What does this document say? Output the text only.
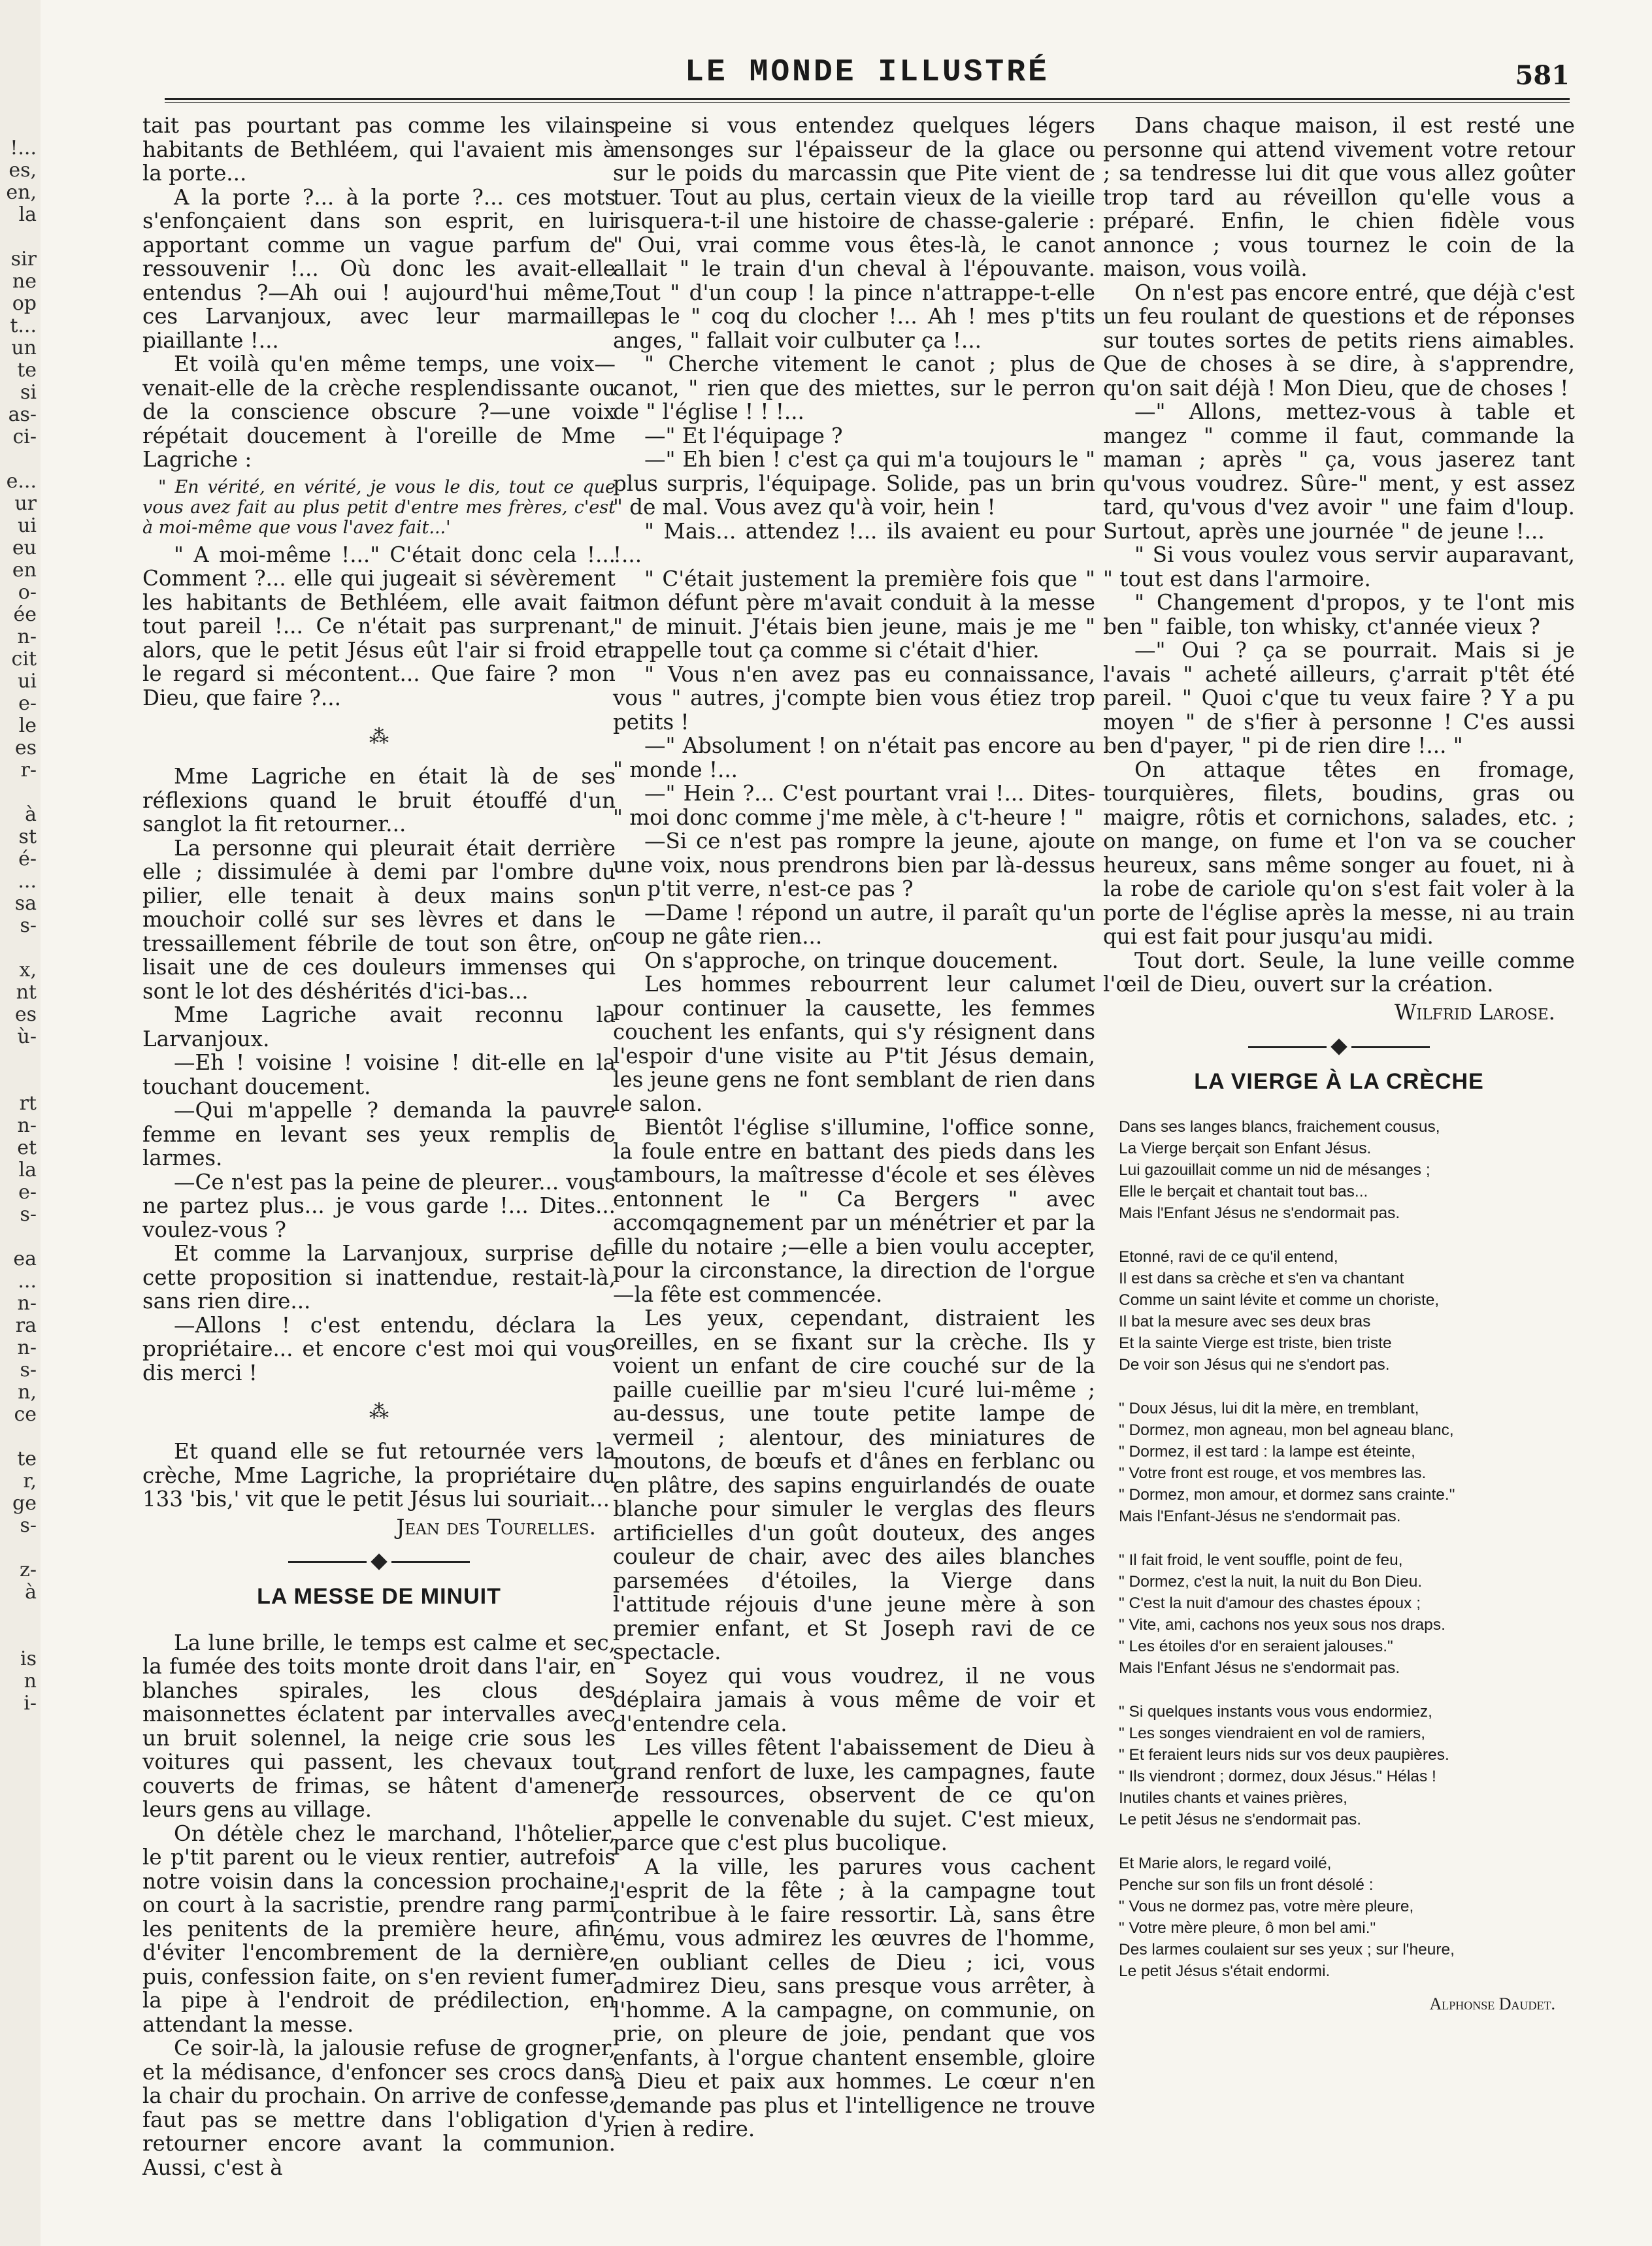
!...
es,
en,
la

sir
ne
op
t...
un
te
si
as-
ci-

e...
ur
ui
eu
en
o-
ée
n-
cit
ui
e-
le
es
r-

à
st
é-
...
sa
s-

x,
nt
es
ù-

rt
n-
et
la
e-
s-

ea
...
n-
ra
n-
s-
n,
ce

te
r,
ge
s-

z-
à

is
n
i-
LE MONDE ILLUSTRÉ	581

tait pas pourtant pas comme les vilains habitants de Bethléem, qui l'avaient mis à la porte...

A la porte ?... à la porte ?... ces mots s'enfonçaient dans son esprit, en lui apportant comme un vague parfum de ressouvenir !... Où donc les avait-elle entendus ?—Ah oui ! aujourd'hui même, ces Larvanjoux, avec leur marmaille piaillante !...

Et voilà qu'en même temps, une voix—venait-elle de la crèche resplendissante ou de la conscience obscure ?—une voix répétait doucement à l'oreille de Mme Lagriche :

" En vérité, en vérité, je vous le dis, tout ce que vous avez fait au plus petit d'entre mes frères, c'est à moi-même que vous l'avez fait...'

" A moi-même !..." C'était donc cela !... Comment ?... elle qui jugeait si sévèrement les habitants de Bethléem, elle avait fait tout pareil !... Ce n'était pas surprenant, alors, que le petit Jésus eût l'air si froid et le regard si mécontent... Que faire ? mon Dieu, que faire ?...

⁂

Mme Lagriche en était là de ses réflexions quand le bruit étouffé d'un sanglot la fit retourner...

La personne qui pleurait était derrière elle ; dissimulée à demi par l'ombre du pilier, elle tenait à deux mains son mouchoir collé sur ses lèvres et dans le tressaillement fébrile de tout son être, on lisait une de ces douleurs immenses qui sont le lot des déshérités d'ici-bas...

Mme Lagriche avait reconnu la Larvanjoux.

—Eh ! voisine ! voisine ! dit-elle en la touchant doucement.

—Qui m'appelle ? demanda la pauvre femme en levant ses yeux remplis de larmes.

—Ce n'est pas la peine de pleurer... vous ne partez plus... je vous garde !... Dites... voulez-vous ?

Et comme la Larvanjoux, surprise de cette proposition si inattendue, restait-là, sans rien dire...

—Allons ! c'est entendu, déclara la propriétaire... et encore c'est moi qui vous dis merci !

⁂

Et quand elle se fut retournée vers la crèche, Mme Lagriche, la propriétaire du 133 'bis,' vit que le petit Jésus lui souriait...

Jean des Tourelles.

LA MESSE DE MINUIT

La lune brille, le temps est calme et sec, la fumée des toits monte droit dans l'air, en blanches spirales, les clous des maisonnettes éclatent par intervalles avec un bruit solennel, la neige crie sous les voitures qui passent, les chevaux tout couverts de frimas, se hâtent d'amener leurs gens au village.

On détèle chez le marchand, l'hôtelier, le p'tit parent ou le vieux rentier, autrefois notre voisin dans la concession prochaine, on court à la sacristie, prendre rang parmi les penitents de la première heure, afin d'éviter l'encombrement de la dernière, puis, confession faite, on s'en revient fumer la pipe à l'endroit de prédilection, en attendant la messe.

Ce soir-là, la jalousie refuse de grogner, et la médisance, d'enfoncer ses crocs dans la chair du prochain. On arrive de confesse, faut pas se mettre dans l'obligation d'y retourner encore avant la communion. Aussi, c'est à

peine si vous entendez quelques légers mensonges sur l'épaisseur de la glace ou sur le poids du marcassin que Pite vient de tuer. Tout au plus, certain vieux de la vieille risquera-t-il une histoire de chasse-galerie : " Oui, vrai comme vous êtes-là, le canot allait " le train d'un cheval à l'épouvante. Tout " d'un coup ! la pince n'attrappe-t-elle pas le " coq du clocher !... Ah ! mes p'tits anges, " fallait voir culbuter ça !...

" Cherche vitement le canot ; plus de canot, " rien que des miettes, sur le perron de " l'église ! ! !...

—" Et l'équipage ?

—" Eh bien ! c'est ça qui m'a toujours le " plus surpris, l'équipage. Solide, pas un brin " de mal. Vous avez qu'à voir, hein !

" Mais... attendez !... ils avaient eu pour !...

" C'était justement la première fois que " mon défunt père m'avait conduit à la messe " de minuit. J'étais bien jeune, mais je me " rappelle tout ça comme si c'était d'hier.

" Vous n'en avez pas eu connaissance, vous " autres, j'compte bien vous étiez trop petits !

—" Absolument ! on n'était pas encore au " monde !...

—" Hein ?... C'est pourtant vrai !... Dites-" moi donc comme j'me mèle, à c't-heure ! "

—Si ce n'est pas rompre la jeune, ajoute une voix, nous prendrons bien par là-dessus un p'tit verre, n'est-ce pas ?

—Dame ! répond un autre, il paraît qu'un coup ne gâte rien...

On s'approche, on trinque doucement.

Les hommes rebourrent leur calumet pour continuer la causette, les femmes couchent les enfants, qui s'y résignent dans l'espoir d'une visite au P'tit Jésus demain, les jeune gens ne font semblant de rien dans le salon.

Bientôt l'église s'illumine, l'office sonne, la foule entre en battant des pieds dans les tambours, la maîtresse d'école et ses élèves entonnent le " Ca Bergers " avec accomqagnement par un ménétrier et par la fille du notaire ;—elle a bien voulu accepter, pour la circonstance, la direction de l'orgue—la fête est commencée.

Les yeux, cependant, distraient les oreilles, en se fixant sur la crèche. Ils y voient un enfant de cire couché sur de la paille cueillie par m'sieu l'curé lui-même ; au-dessus, une toute petite lampe de vermeil ; alentour, des miniatures de moutons, de bœufs et d'ânes en ferblanc ou en plâtre, des sapins enguirlandés de ouate blanche pour simuler le verglas des fleurs artificielles d'un goût douteux, des anges couleur de chair, avec des ailes blanches parsemées d'étoiles, la Vierge dans l'attitude réjouis d'une jeune mère à son premier enfant, et St Joseph ravi de ce spectacle.

Soyez qui vous voudrez, il ne vous déplaira jamais à vous même de voir et d'entendre cela.

Les villes fêtent l'abaissement de Dieu à grand renfort de luxe, les campagnes, faute de ressources, observent de ce qu'on appelle le convenable du sujet. C'est mieux, parce que c'est plus bucolique.

A la ville, les parures vous cachent l'esprit de la fête ; à la campagne tout contribue à le faire ressortir. Là, sans être ému, vous admirez les œuvres de l'homme, en oubliant celles de Dieu ; ici, vous admirez Dieu, sans presque vous arrêter, à l'homme. A la campagne, on communie, on prie, on pleure de joie, pendant que vos enfants, à l'orgue chantent ensemble, gloire à Dieu et paix aux hommes. Le cœur n'en demande pas plus et l'intelligence ne trouve rien à redire.

Dans chaque maison, il est resté une personne qui attend vivement votre retour ; sa tendresse lui dit que vous allez goûter trop tard au réveillon qu'elle vous a préparé. Enfin, le chien fidèle vous annonce ; vous tournez le coin de la maison, vous voilà.

On n'est pas encore entré, que déjà c'est un feu roulant de questions et de réponses sur toutes sortes de petits riens aimables. Que de choses à se dire, à s'apprendre, qu'on sait déjà ! Mon Dieu, que de choses !

—" Allons, mettez-vous à table et mangez " comme il faut, commande la maman ; après " ça, vous jaserez tant qu'vous voudrez. Sûre-" ment, y est assez tard, qu'vous d'vez avoir " une faim d'loup. Surtout, après une journée " de jeune !...

" Si vous voulez vous servir auparavant, " tout est dans l'armoire.

" Changement d'propos, y te l'ont mis ben " faible, ton whisky, ct'année vieux ?

—" Oui ? ça se pourrait. Mais si je l'avais " acheté ailleurs, ç'arrait p'têt été pareil. " Quoi c'que tu veux faire ? Y a pu moyen " de s'fier à personne ! C'es aussi ben d'payer, " pi de rien dire !... "

On attaque têtes en fromage, tourquières, filets, boudins, gras ou maigre, rôtis et cornichons, salades, etc. ; on mange, on fume et l'on va se coucher heureux, sans même songer au fouet, ni à la robe de cariole qu'on s'est fait voler à la porte de l'église après la messe, ni au train qui est fait pour jusqu'au midi.

Tout dort. Seule, la lune veille comme l'œil de Dieu, ouvert sur la création.

Wilfrid Larose.

LA VIERGE À LA CRÈCHE
Dans ses langes blancs, fraichement cousus,
La Vierge berçait son Enfant Jésus.
Lui gazouillait comme un nid de mésanges ;
Elle le berçait et chantait tout bas...
Mais l'Enfant Jésus ne s'endormait pas.
Etonné, ravi de ce qu'il entend,
Il est dans sa crèche et s'en va chantant
Comme un saint lévite et comme un choriste,
Il bat la mesure avec ses deux bras
Et la sainte Vierge est triste, bien triste
De voir son Jésus qui ne s'endort pas.
" Doux Jésus, lui dit la mère, en tremblant,
" Dormez, mon agneau, mon bel agneau blanc,
" Dormez, il est tard : la lampe est éteinte,
" Votre front est rouge, et vos membres las.
" Dormez, mon amour, et dormez sans crainte."
Mais l'Enfant-Jésus ne s'endormait pas.
" Il fait froid, le vent souffle, point de feu,
" Dormez, c'est la nuit, la nuit du Bon Dieu.
" C'est la nuit d'amour des chastes époux ;
" Vite, ami, cachons nos yeux sous nos draps.
" Les étoiles d'or en seraient jalouses."
Mais l'Enfant Jésus ne s'endormait pas.
" Si quelques instants vous vous endormiez,
" Les songes viendraient en vol de ramiers,
" Et feraient leurs nids sur vos deux paupières.
" Ils viendront ; dormez, doux Jésus." Hélas !
Inutiles chants et vaines prières,
Le petit Jésus ne s'endormait pas.
Et Marie alors, le regard voilé,
Penche sur son fils un front désolé :
" Vous ne dormez pas, votre mère pleure,
" Votre mère pleure, ô mon bel ami."
Des larmes coulaient sur ses yeux ; sur l'heure,
Le petit Jésus s'était endormi.
Alphonse Daudet.
